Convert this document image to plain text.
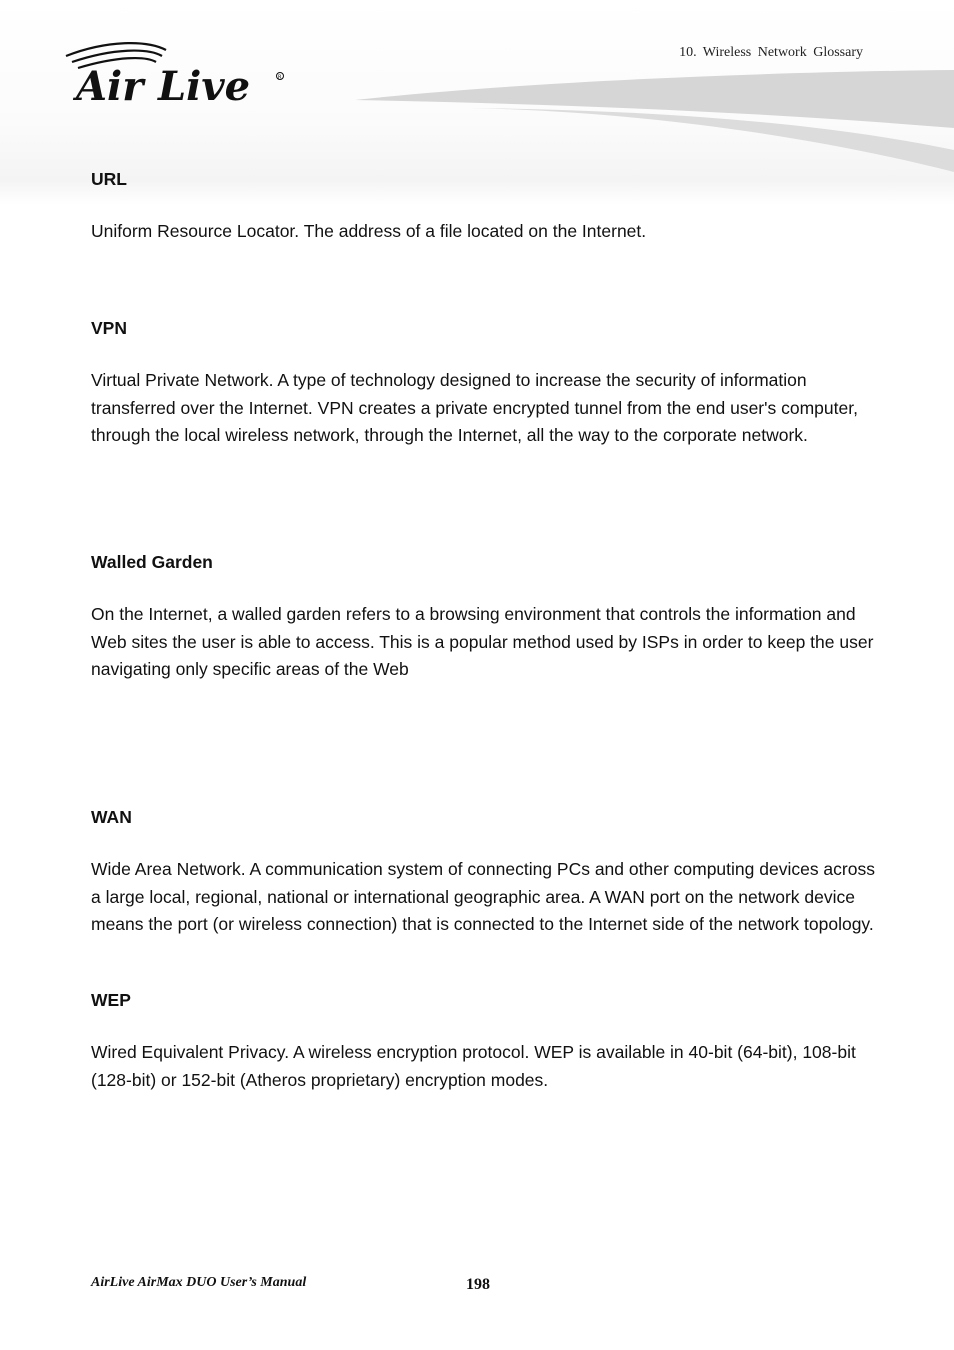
10. Wireless Network Glossary
Air Live	R

URL

Uniform Resource Locator. The address of a file located on the Internet.

VPN

Virtual Private Network. A type of technology designed to increase the security of information transferred over the Internet. VPN creates a private encrypted tunnel from the end user's computer, through the local wireless network, through the Internet, all the way to the corporate network.

Walled Garden

On the Internet, a walled garden refers to a browsing environment that controls the information and Web sites the user is able to access. This is a popular method used by ISPs in order to keep the user navigating only specific areas of the Web

WAN

Wide Area Network. A communication system of connecting PCs and other computing devices across a large local, regional, national or international geographic area. A WAN port on the network device means the port (or wireless connection) that is connected to the Internet side of the network topology.

WEP

Wired Equivalent Privacy. A wireless encryption protocol. WEP is available in 40-bit (64-bit), 108-bit (128-bit) or 152-bit (Atheros proprietary) encryption modes.

AirLive AirMax DUO User’s Manual	198
